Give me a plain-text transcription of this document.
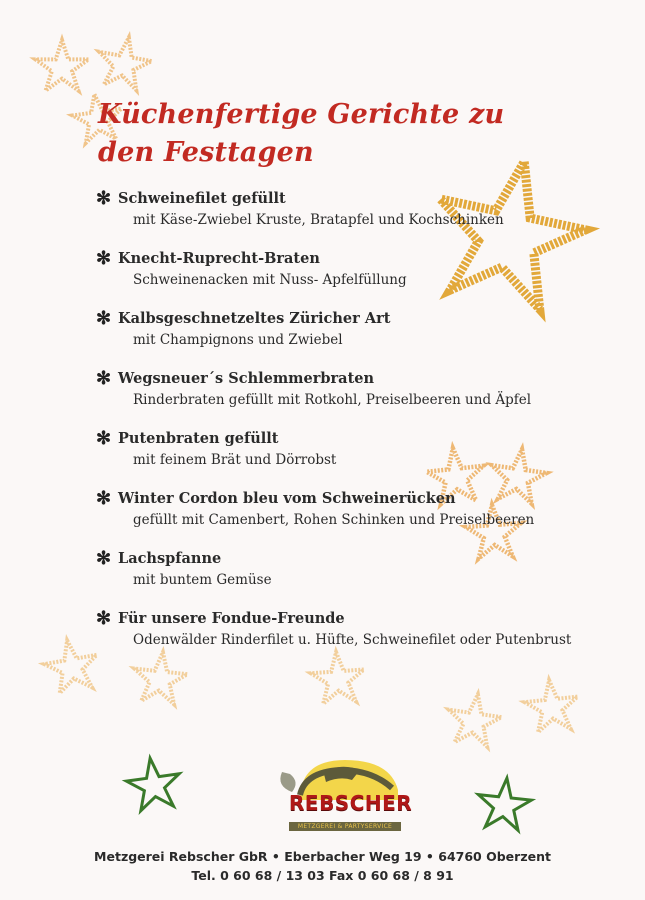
Küchenfertige Gerichte zu
den Festtagen
✻ Schweinefilet gefüllt
mit Käse-Zwiebel Kruste, Bratapfel und Kochschinken
✻ Knecht-Ruprecht-Braten
Schweinenacken mit Nuss- Apfelfüllung
✻ Kalbsgeschnetzeltes Züricher Art
mit Champignons und Zwiebel
✻ Wegsneuer´s Schlemmerbraten
Rinderbraten gefüllt mit Rotkohl, Preiselbeeren und Äpfel
✻ Putenbraten gefüllt
mit feinem Brät und Dörrobst
✻ Winter Cordon bleu vom Schweinerücken
gefüllt mit Camenbert, Rohen Schinken und Preiselbeeren
✻ Lachspfanne
mit buntem Gemüse
✻ Für unsere Fondue-Freunde
Odenwälder Rinderfilet u. Hüfte, Schweinefilet oder Putenbrust
REBSCHER
METZGEREI & PARTYSERVICE
Metzgerei Rebscher GbR • Eberbacher Weg 19 • 64760 Oberzent
Tel. 0 60 68 / 13 03 Fax 0 60 68 / 8 91
